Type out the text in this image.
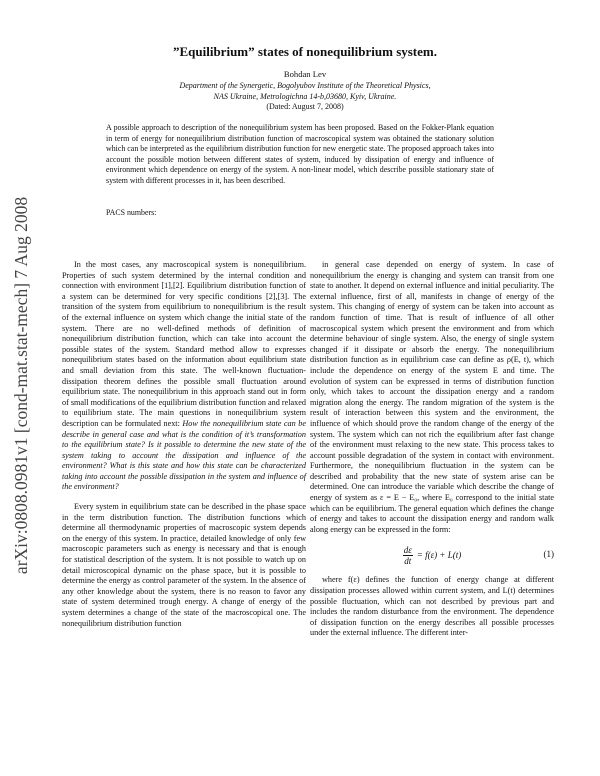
arXiv:0808.0981v1 [cond-mat.stat-mech] 7 Aug 2008

”Equilibrium” states of nonequilibrium system.

Bohdan Lev

Department of the Synergetic, Bogolyubov Institute of the Theoretical Physics,

NAS Ukraine, Metrologichna 14-b,03680, Kyiv, Ukraine.

(Dated: August 7, 2008)

A possible approach to description of the nonequilibrium system has been proposed. Based on the Fokker-Plank equation in term of energy for nonequilibrium distribution function of macroscopical system was obtained the stationary solution which can be interpreted as the equilibrium distribution function for new energetic state. The proposed approach takes into account the possible motion between different states of system, induced by dissipation of energy and influence of environment which dependence on energy of the system. A non-linear model, which describe possible stationary state of system with different processes in it, has been described.

PACS numbers:

In the most cases, any macroscopical system is nonequilibrium. Properties of such system determined by the internal condition and connection with environment [1],[2]. Equilibrium distribution function of a system can be determined for very specific conditions [2],[3]. The transition of the system from equilibrium to nonequilibrium is the result of the external influence on system which change the initial state of the system. There are no well-defined methods of definition of nonequilibrium distribution function, which can take into account the possible states of the system. Standard method allow to expresses nonequilibrium states based on the information about equilibrium state and small deviation from this state. The well-known fluctuation-dissipation theorem defines the possible small fluctuation around equilibrium state. The nonequilibrium in this approach stand out in form of small modifications of the equilibrium distribution function and relaxed to equilibrium state. The main questions in nonequilibrium system description can be formulated next: How the nonequilibrium state can be describe in general case and what is the condition of it’s transformation to the equilibrium state? Is it possible to determine the new state of the system taking to account the dissipation and influence of the environment? What is this state and how this state can be characterized taking into account the possible dissipation in the system and influence of the environment?

Every system in equilibrium state can be described in the phase space in the term distribution function. The distribution functions which determine all thermodynamic properties of macroscopic system depends on the energy of this system. In practice, detailed knowledge of only few macroscopic parameters such as energy is necessary and that is enough for statistical description of the system. It is not possible to watch up on detail microscopical dynamic on the phase space, but it is possible to determine the energy as control parameter of the system. In the absence of any other knowledge about the system, there is no reason to favor any state of system determined trough energy. A change of energy of the system determines a change of the state of the macroscopical one. The nonequilibrium distribution function

in general case depended on energy of system. In case of nonequilibrium the energy is changing and system can transit from one state to another. It depend on external influence and initial peculiarity. The external influence, first of all, manifests in change of energy of the system. This changing of energy of system can be taken into account as random function of time. That is result of influence of all other macroscopical system which present the environment and from which determine behaviour of single system. Also, the energy of single system changed if it dissipate or absorb the energy. The nonequilibrium distribution function as in equilibrium case can define as ρ(E, t), which include the dependence on energy of the system E and time. The evolution of system can be expressed in terms of distribution function only, which takes to account the dissipation energy and a random migration along the energy. The random migration of the system is the result of interaction between this system and the environment, the influence of which should prove the random change of the energy of the system. The system which can not rich the equilibrium after fast change of the environment must relaxing to the new state. This process takes to account possible degradation of the system in contact with environment. Furthermore, the nonequilibrium fluctuation in the system can be described and probability that the new state of system arise can be determined. One can introduce the variable which describe the change of energy of system as ε = E − E₀, where E₀ correspond to the initial state which can be equilibrium. The general equation which defines the change of energy and takes to account the dissipation energy and random walk along energy can be expressed in the form:

$\frac{d\varepsilon}{dt} = f(\varepsilon) + L(t)$	(1)

where f(ε) defines the function of energy change at different dissipation processes allowed within current system, and L(t) determines possible fluctuation, which can not described by previous part and includes the random disturbance from the environment. The dependence of dissipation function on the energy describes all possible processes under the external influence. The different inter-
